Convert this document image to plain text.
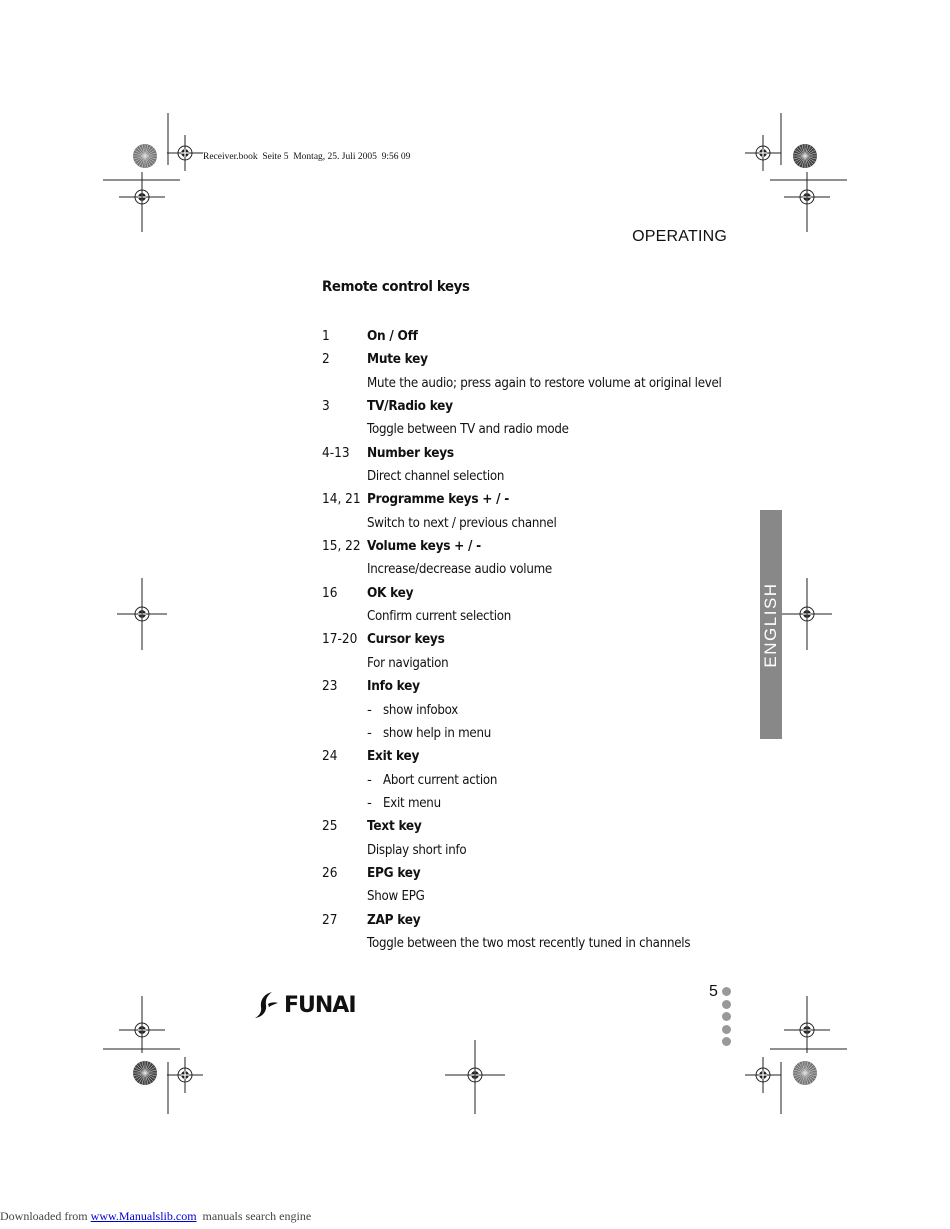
Receiver.book  Seite 5  Montag, 25. Juli 2005  9:56 09
OPERATING
Remote control keys
1	On / Off
2	Mute key
Mute the audio; press again to restore volume at original level
3	TV/Radio key
Toggle between TV and radio mode
4-13 Number keys
Direct channel selection
14, 21 Programme keys + / -
Switch to next / previous channel
15, 22 Volume keys + / -
Increase/decrease audio volume
16 OK key
Confirm current selection
17-20 Cursor keys
For navigation
23 Info key
- show infobox
- show help in menu
24 Exit key
- Abort current action
- Exit menu
25 Text key
Display short info
26 EPG key
Show EPG
27 ZAP key
Toggle between the two most recently tuned in channels
ENGLISH
5
FUNAI
Downloaded from www.Manualslib.com  manuals search engine
